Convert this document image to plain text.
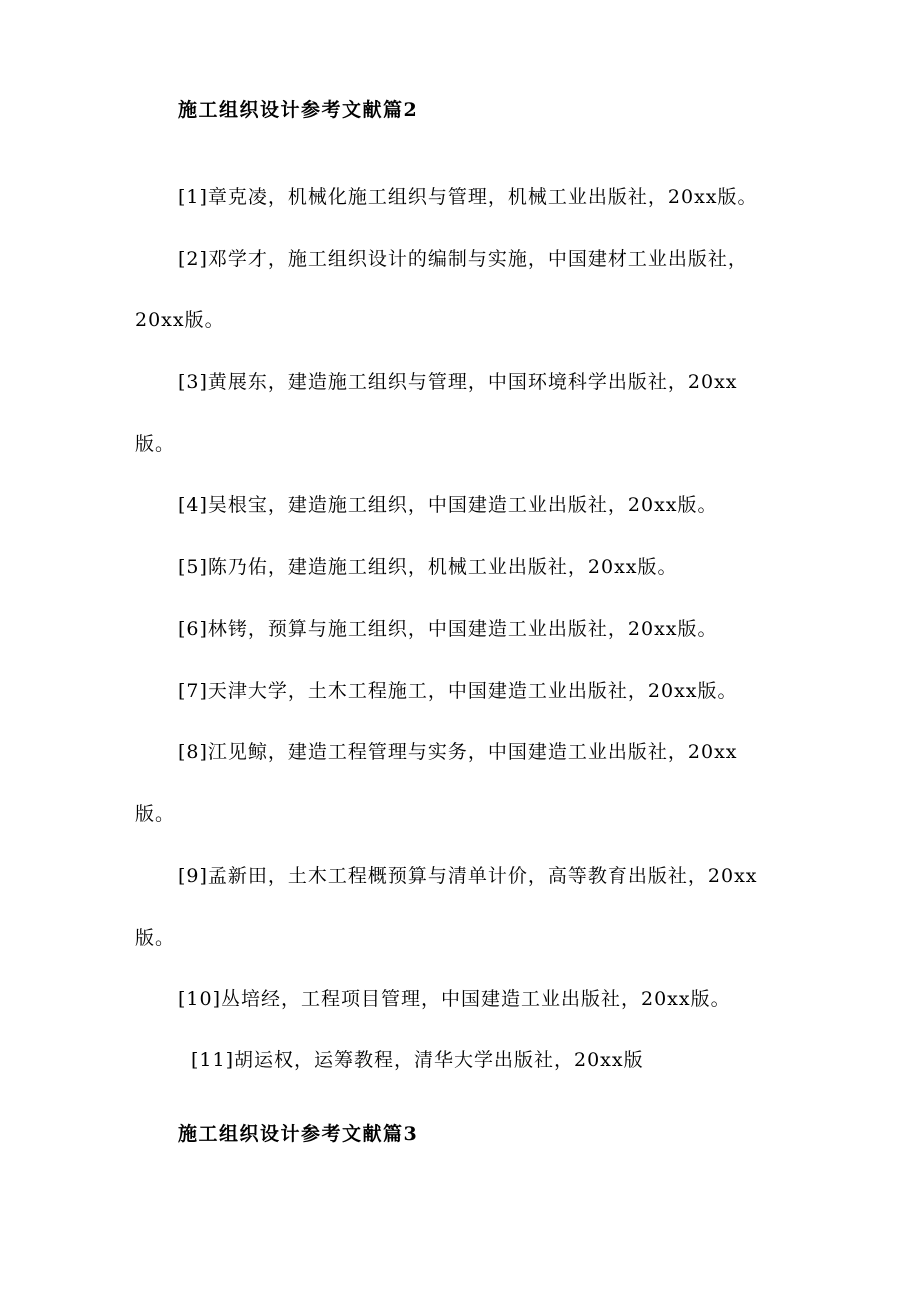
施工组织设计参考文献篇2
[1]章克凌，机械化施工组织与管理，机械工业出版社，20xx版。
[2]邓学才，施工组织设计的编制与实施，中国建材工业出版社，
20xx版。
[3]黄展东，建造施工组织与管理，中国环境科学出版社，20xx
版。
[4]吴根宝，建造施工组织，中国建造工业出版社，20xx版。
[5]陈乃佑，建造施工组织，机械工业出版社，20xx版。
[6]林铐，预算与施工组织，中国建造工业出版社，20xx版。
[7]天津大学，土木工程施工，中国建造工业出版社，20xx版。
[8]江见鲸，建造工程管理与实务，中国建造工业出版社，20xx
版。
[9]孟新田，土木工程概预算与清单计价，高等教育出版社，20xx
版。
[10]丛培经，工程项目管理，中国建造工业出版社，20xx版。
[11]胡运权，运筹教程，清华大学出版社，20xx版
施工组织设计参考文献篇3
